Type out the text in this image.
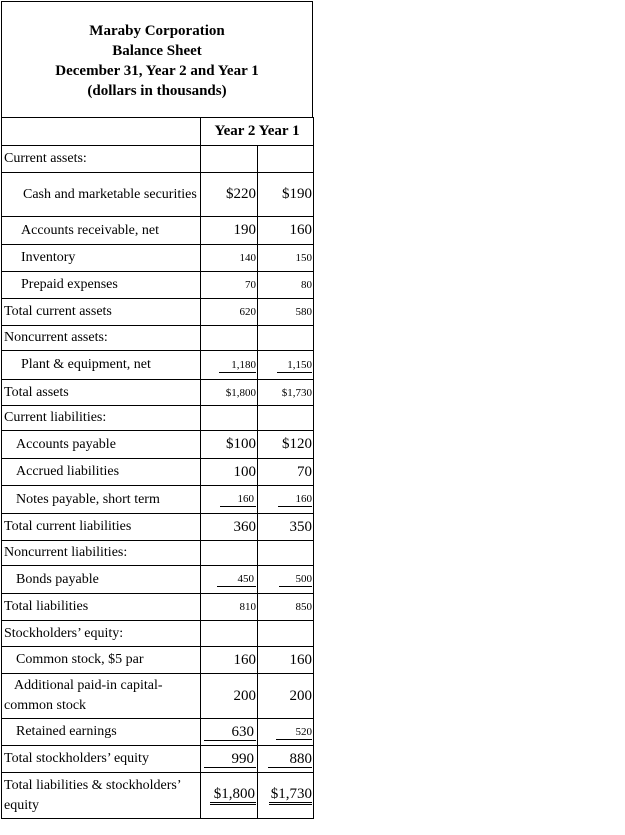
Maraby Corporation
Balance Sheet
December 31, Year 2 and Year 1
(dollars in thousands)
	Year 2 Year 1	
Current assets:		
Cash and marketable securities	$220	$190
Accounts receivable, net	190	160
Inventory	140	150
Prepaid expenses	70	80
Total current assets	620	580
Noncurrent assets:		
Plant & equipment, net	1,180	1,150
Total assets	$1,800	$1,730
Current liabilities:		
Accounts payable	$100	$120
Accrued liabilities	100	70
Notes payable, short term	160	160
Total current liabilities	360	350
Noncurrent liabilities:		
Bonds payable	450	500
Total liabilities	810	850
Stockholders’ equity:		
Common stock, $5 par	160	160
Additional paid-in capital-common stock	200	200
Retained earnings	630	520
Total stockholders’ equity	990	880
Total liabilities & stockholders’ equity	$1,800	$1,730
